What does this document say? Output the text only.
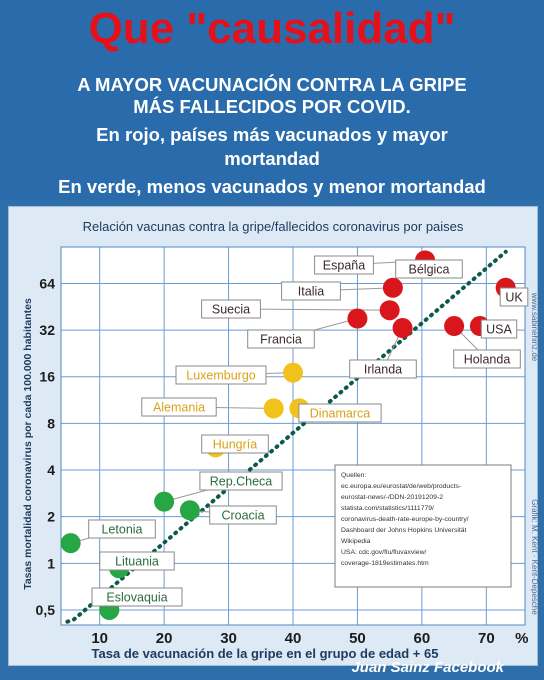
Que "causalidad"
A MAYOR VACUNACIÓN CONTRA LA GRIPE
MÁS FALLECIDOS POR COVID.
En rojo, países más vacunados y mayor
mortandad
En verde, menos vacunados y menor mortandad
Relación vacunas contra la gripe/fallecidos coronavirus por paises
10	20	30	40	50	60	70 %
0,5
1
2
4
8
16
32
64
Tasa de vacunación de la gripe en el grupo de edad + 65
Tasas mortalidad coronavirus por cada 100.000 habitantes	www.sabinehinz.de
Grafik: M. Kent · Kent-Depesche
Quellen:
ec.europa.eu/eurostat/de/web/products-
eurostat-news/-/DDN-20191209-2
statista.com/statistics/1111779/
coronavirus-death-rate-europe-by-country/
Dashboard der Johns Hopkins Universität
Wikipedia
USA: cdc.gov/flu/fluvaxview/
coverage-1819estimates.htm
España	Bélgica
Italia	UK
Suecia
Francia
Irlanda
USA
Holanda
Luxemburgo
Alemania	Dinamarca
Hungría
Rep.Checa
Croacia
Letonia
Lituania
Eslovaquia
Juan Sainz Facebook
